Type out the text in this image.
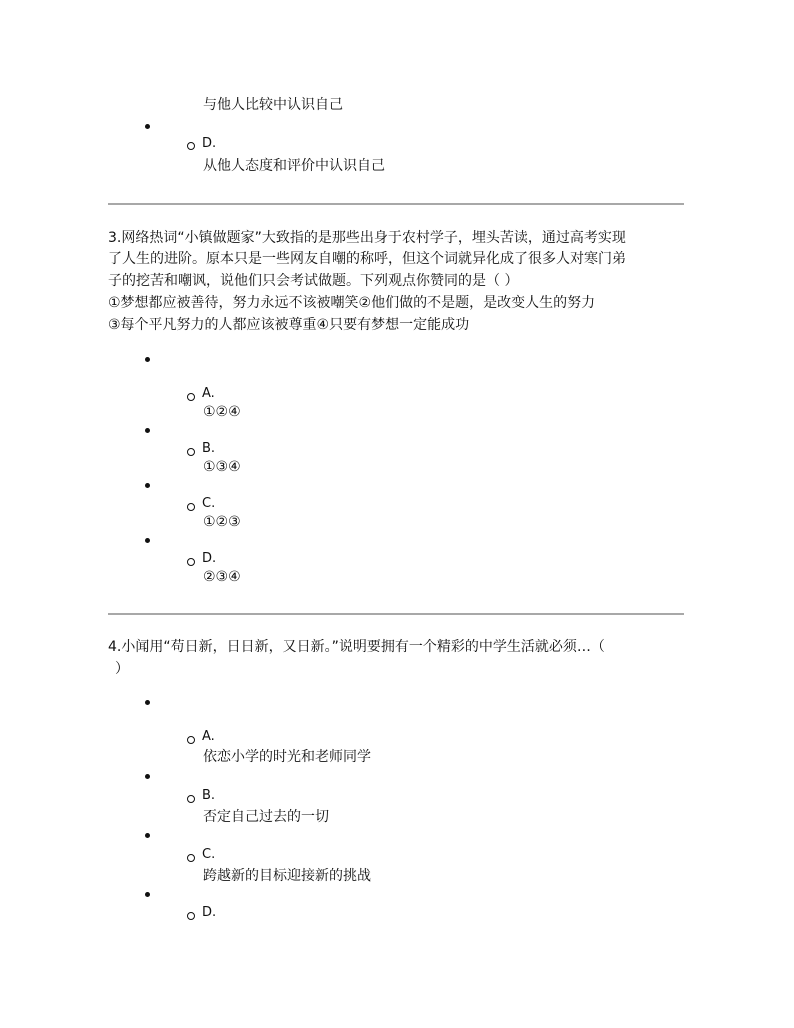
与他人比较中认识自己
D.
从他人态度和评价中认识自己
3.网络热词“小镇做题家”大致指的是那些出身于农村学子，埋头苦读，通过高考实现
了人生的进阶。原本只是一些网友自嘲的称呼，但这个词就异化成了很多人对寒门弟
子的挖苦和嘲讽，说他们只会考试做题。下列观点你赞同的是（ ）
①梦想都应被善待，努力永远不该被嘲笑②他们做的不是题，是改变人生的努力
③每个平凡努力的人都应该被尊重④只要有梦想一定能成功
A.
①②④
B.
①③④
C.
①②③
D.
②③④
4.小闻用“苟日新，日日新，又日新。”说明要拥有一个精彩的中学生活就必须…（
）
A.
依恋小学的时光和老师同学
B.
否定自己过去的一切
C.
跨越新的目标迎接新的挑战
D.
